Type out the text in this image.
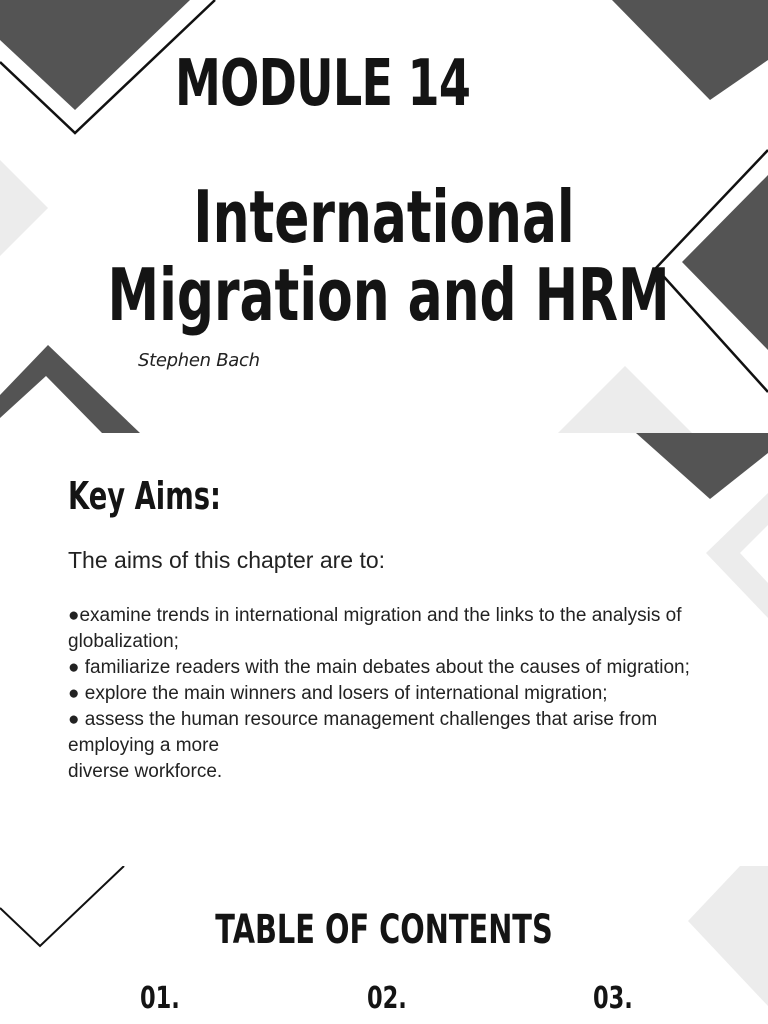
MODULE 14
International
Migration and HRM

Stephen Bach

Key Aims:

The aims of this chapter are to:

●examine trends in international migration and the links to the analysis of globalization;
● familiarize readers with the main debates about the causes of migration;
● explore the main winners and losers of international migration;
● assess the human resource management challenges that arise from employing a more
diverse workforce.
TABLE OF CONTENTS
01.	02.	03.
